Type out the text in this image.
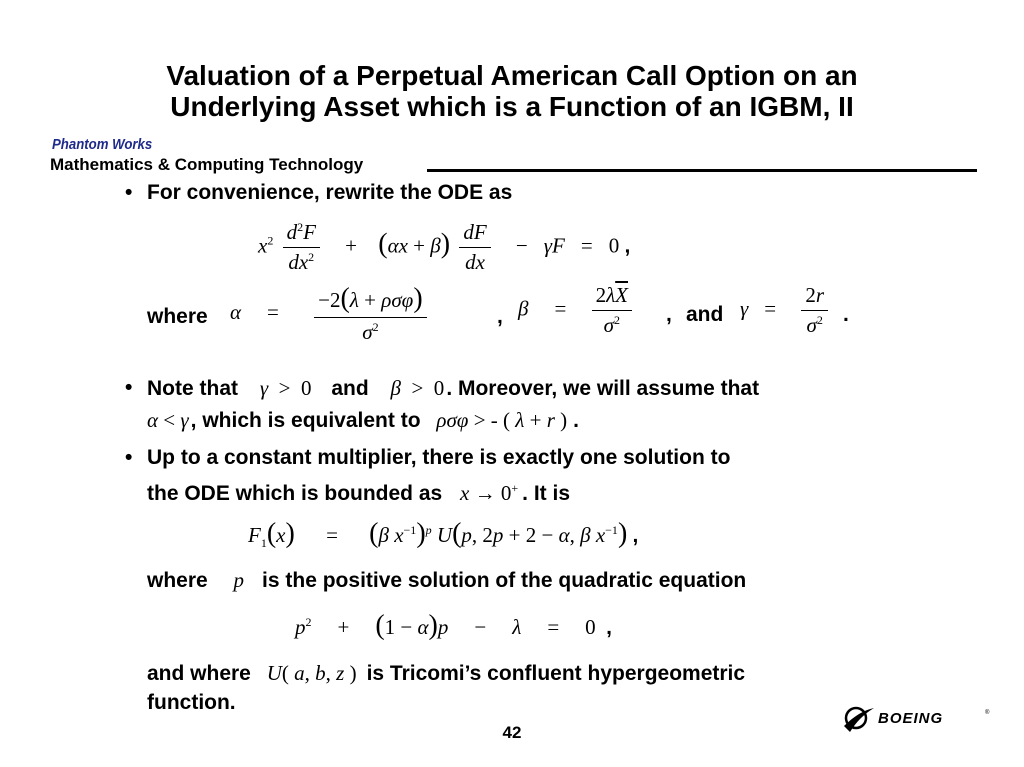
Valuation of a Perpetual American Call Option on an
Underlying Asset which is a Function of an IGBM, II
Phantom Works
Mathematics & Computing Technology
• For convenience, rewrite the ODE as
$x^2 \frac{d^2F}{dx^2} + (\alpha x + \beta) \frac{dF}{dx} - \gamma F = 0$ ,
where $\alpha = \frac{\text{−2(λ + ρσφ)}}{\sigma^2}$	, $\beta = \frac{2\lambda\overline{X}}{\sigma^2}$ , and $\gamma = \frac{2r}{\sigma^2}$ .
• Note that γ  >  0 and β  >  0. Moreover, we will assume that
α < γ, which is equivalent to ρσφ > - ( λ + r ) .
• Up to a constant multiplier, there is exactly one solution to
the ODE which is bounded as x → 0+ . It is
$F_1(x) = (\beta$ $x^{-1})^p$ U(p, 2p + 2 − α, β $x^{-1}$) ,
where p is the positive solution of the quadratic equation
$p^2 + (1 - \alpha)p - \lambda = 0$  ,
and where U( a, b, z ) is Tricomi’s confluent hypergeometric
function.
42
BOEING	®
